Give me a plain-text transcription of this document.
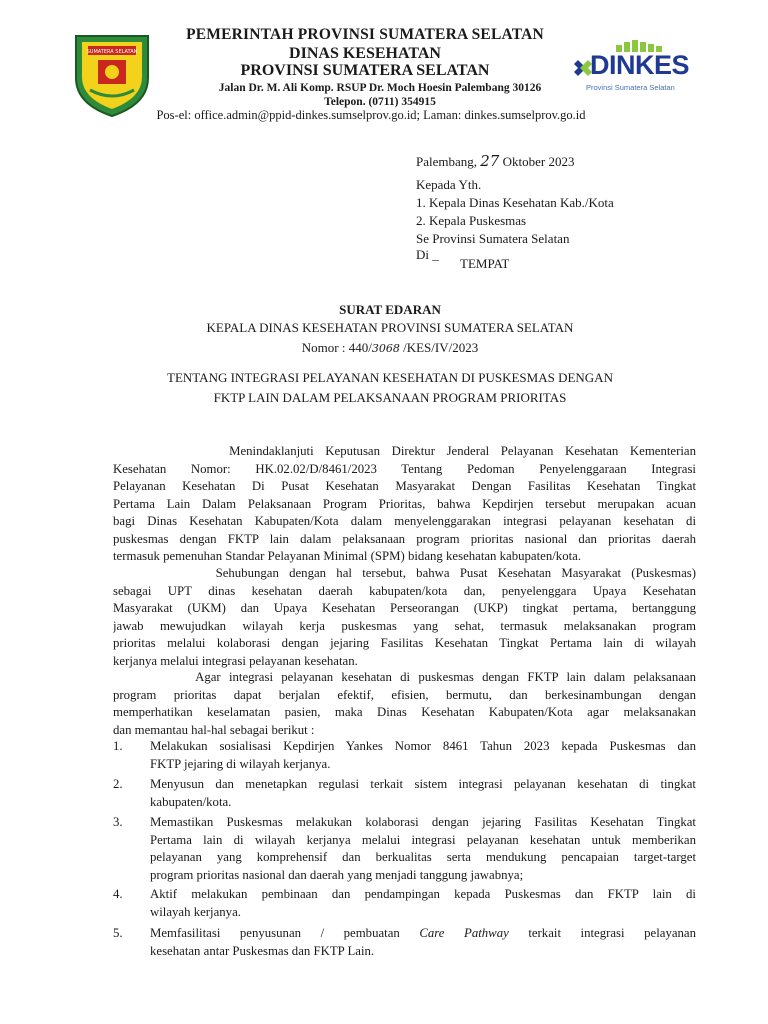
SUMATERA SELATAN	DINKES
Provinsi Sumatera Selatan
PEMERINTAH PROVINSI SUMATERA SELATAN
DINAS KESEHATAN
PROVINSI SUMATERA SELATAN
Jalan Dr. M. Ali Komp. RSUP Dr. Moch Hoesin Palembang 30126
Telepon. (0711) 354915
Pos-el: office.admin@ppid-dinkes.sumselprov.go.id; Laman: dinkes.sumselprov.go.id
Palembang, 27 Oktober 2023
Kepada Yth.
1. Kepala Dinas Kesehatan Kab./Kota
2. Kepala Puskesmas
Se Provinsi Sumatera Selatan
Di _
TEMPAT
SURAT EDARAN
KEPALA DINAS KESEHATAN PROVINSI SUMATERA SELATAN
Nomor : 440/3068 /KES/IV/2023
TENTANG INTEGRASI PELAYANAN KESEHATAN DI PUSKESMAS DENGAN
FKTP LAIN DALAM PELAKSANAAN PROGRAM PRIORITAS
Menindaklanjuti Keputusan Direktur Jenderal Pelayanan Kesehatan Kementerian
Kesehatan Nomor: HK.02.02/D/8461/2023 Tentang Pedoman Penyelenggaraan Integrasi
Pelayanan Kesehatan Di Pusat Kesehatan Masyarakat Dengan Fasilitas Kesehatan Tingkat
Pertama Lain Dalam Pelaksanaan Program Prioritas, bahwa Kepdirjen tersebut merupakan acuan
bagi Dinas Kesehatan Kabupaten/Kota dalam menyelenggarakan integrasi pelayanan kesehatan di
puskesmas dengan FKTP lain dalam pelaksanaan program prioritas nasional dan prioritas daerah
termasuk pemenuhan Standar Pelayanan Minimal (SPM) bidang kesehatan kabupaten/kota.
Sehubungan dengan hal tersebut, bahwa Pusat Kesehatan Masyarakat (Puskesmas)
sebagai UPT dinas kesehatan daerah kabupaten/kota dan, penyelenggara Upaya Kesehatan
Masyarakat (UKM) dan Upaya Kesehatan Perseorangan (UKP) tingkat pertama, bertanggung
jawab mewujudkan wilayah kerja puskesmas yang sehat, termasuk melaksanakan program
prioritas melalui kolaborasi dengan jejaring Fasilitas Kesehatan Tingkat Pertama lain di wilayah
kerjanya melalui integrasi pelayanan kesehatan.
Agar integrasi pelayanan kesehatan di puskesmas dengan FKTP lain dalam pelaksanaan
program prioritas dapat berjalan efektif, efisien, bermutu, dan berkesinambungan dengan
memperhatikan keselamatan pasien, maka Dinas Kesehatan Kabupaten/Kota agar melaksanakan
dan memantau hal-hal sebagai berikut :
1. Melakukan sosialisasi Kepdirjen Yankes Nomor 8461 Tahun 2023 kepada Puskesmas dan
FKTP jejaring di wilayah kerjanya.
2. Menyusun dan menetapkan regulasi terkait sistem integrasi pelayanan kesehatan di tingkat
kabupaten/kota.
3. Memastikan Puskesmas melakukan kolaborasi dengan jejaring Fasilitas Kesehatan Tingkat
Pertama lain di wilayah kerjanya melalui integrasi pelayanan kesehatan untuk memberikan
pelayanan yang komprehensif dan berkualitas serta mendukung pencapaian target-target
program prioritas nasional dan daerah yang menjadi tanggung jawabnya;
4. Aktif melakukan pembinaan dan pendampingan kepada Puskesmas dan FKTP lain di
wilayah kerjanya.
5. Memfasilitasi penyusunan / pembuatan Care Pathway terkait integrasi pelayanan
kesehatan antar Puskesmas dan FKTP Lain.
